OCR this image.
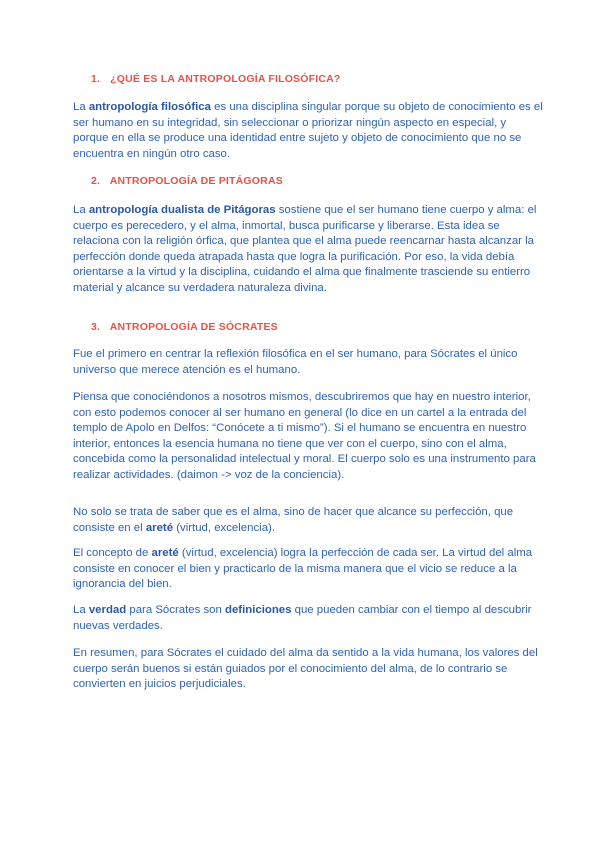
1. ¿QUÉ ES LA ANTROPOLOGÍA FILOSÓFICA?

La antropología filosófica es una disciplina singular porque su objeto de conocimiento es el ser humano en su integridad, sin seleccionar o priorizar ningún aspecto en especial, y porque en ella se produce una identidad entre sujeto y objeto de conocimiento que no se encuentra en ningún otro caso.

2. ANTROPOLOGÍA DE PITÁGORAS

La antropología dualista de Pitágoras sostiene que el ser humano tiene cuerpo y alma: el cuerpo es perecedero, y el alma, inmortal, busca purificarse y liberarse. Esta idea se relaciona con la religión órfica, que plantea que el alma puede reencarnar hasta alcanzar la perfección donde queda atrapada hasta que logra la purificación. Por eso, la vida debía orientarse a la virtud y la disciplina, cuidando el alma que finalmente trasciende su entierro material y alcance su verdadera naturaleza divina.

3. ANTROPOLOGÍA DE SÓCRATES

Fue el primero en centrar la reflexión filosófica en el ser humano, para Sócrates el único universo que merece atención es el humano.

Piensa que conociéndonos a nosotros mismos, descubriremos que hay en nuestro interior, con esto podemos conocer al ser humano en general (lo dice en un cartel a la entrada del templo de Apolo en Delfos: “Conócete a ti mismo”). Si el humano se encuentra en nuestro interior, entonces la esencia humana no tiene que ver con el cuerpo, sino con el alma, concebida como la personalidad intelectual y moral. El cuerpo solo es una instrumento para realizar actividades. (daimon -> voz de la conciencia).

No solo se trata de saber que es el alma, sino de hacer que alcance su perfección, que consiste en el areté (virtud, excelencia).

El concepto de areté (virtud, excelencia) logra la perfección de cada ser. La virtud del alma consiste en conocer el bien y practicarlo de la misma manera que el vicio se reduce a la ignorancia del bien.

La verdad para Sócrates son definiciones que pueden cambiar con el tiempo al descubrir nuevas verdades.

En resumen, para Sócrates el cuidado del alma da sentido a la vida humana, los valores del cuerpo serán buenos si están guiados por el conocimiento del alma, de lo contrario se convierten en juicios perjudiciales.
